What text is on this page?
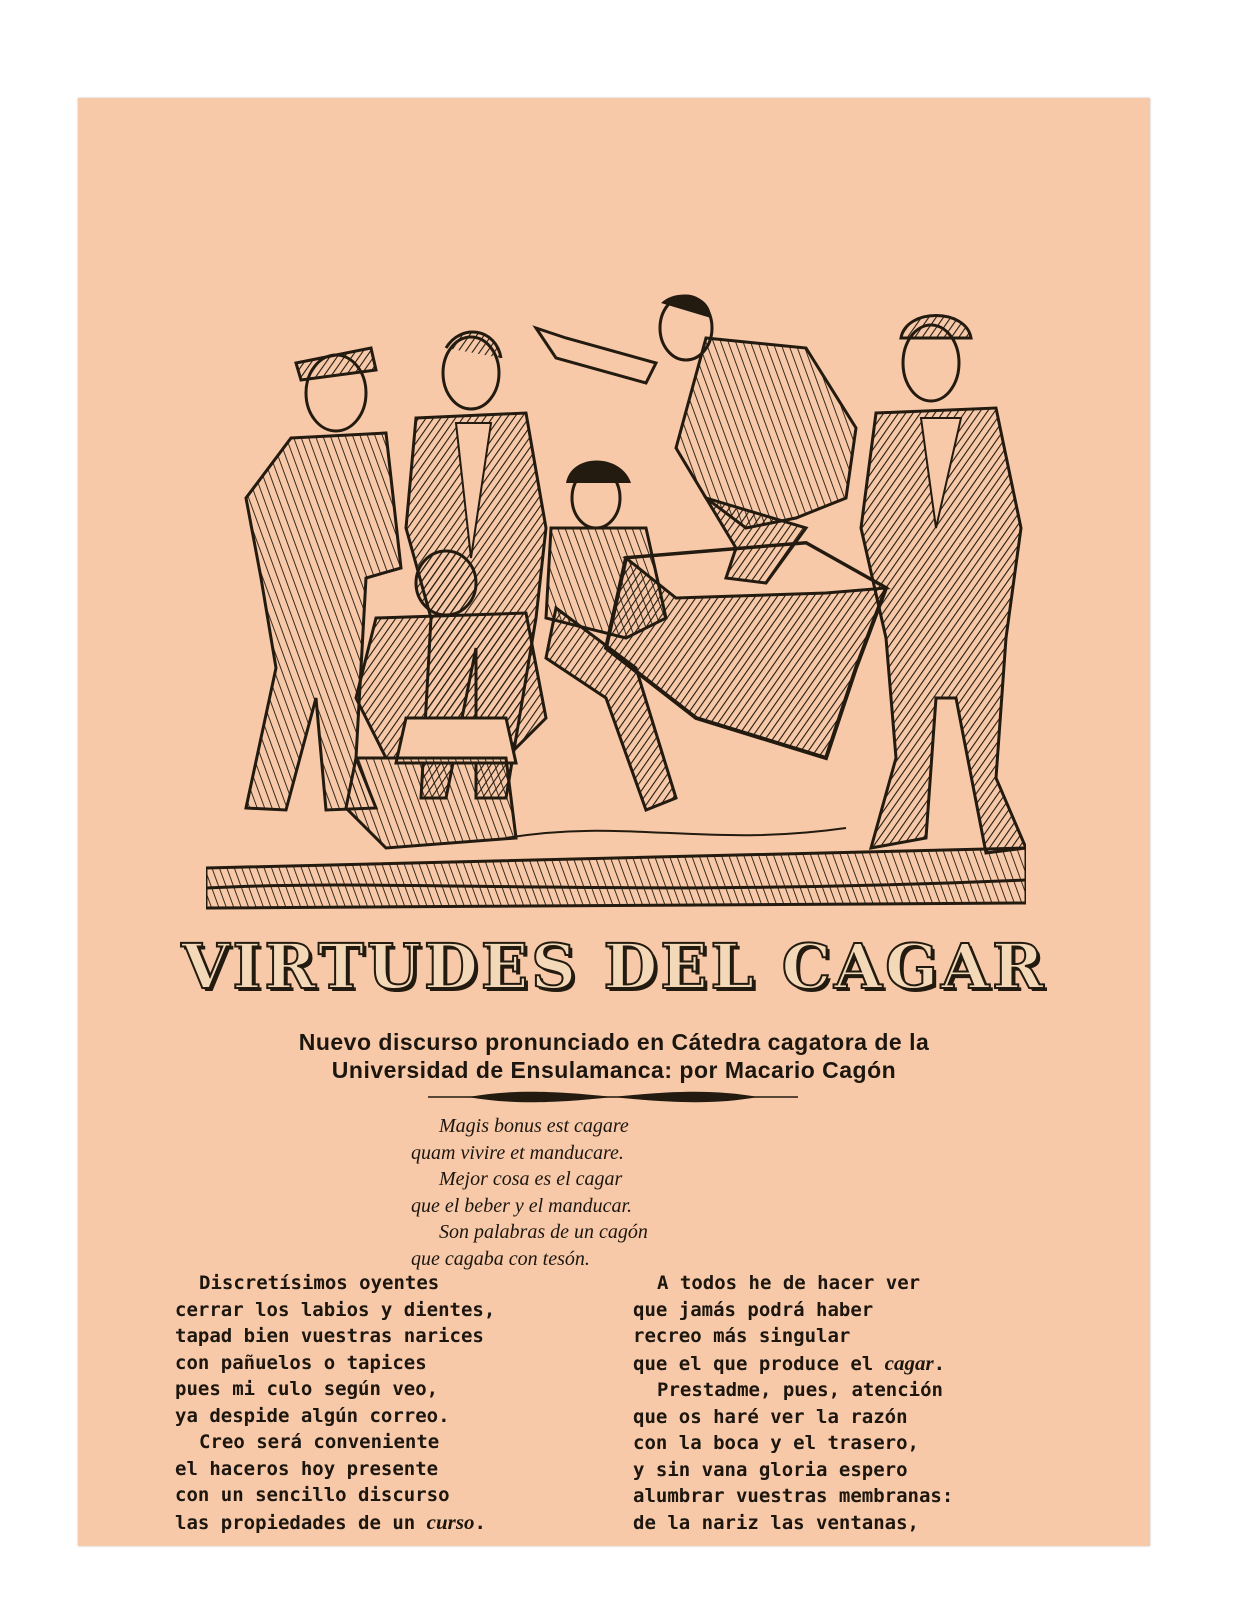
VIRTUDES DEL CAGAR
Nuevo discurso pronunciado en Cátedra cagatora de la
Universidad de Ensulamanca: por Macario Cagón
Magis bonus est cagare
quam vivire et manducare.
Mejor cosa es el cagar
que el beber y el manducar.
Son palabras de un cagón
que cagaba con tesón.
Discretísimos oyentes
cerrar los labios y dientes,
tapad bien vuestras narices
con pañuelos o tapices
pues mi culo según veo,
ya despide algún correo.
Creo será conveniente
el haceros hoy presente
con un sencillo discurso
las propiedades de un curso.
A todos he de hacer ver
que jamás podrá haber
recreo más singular
que el que produce el cagar.
Prestadme, pues, atención
que os haré ver la razón
con la boca y el trasero,
y sin vana gloria espero
alumbrar vuestras membranas:
de la nariz las ventanas,
